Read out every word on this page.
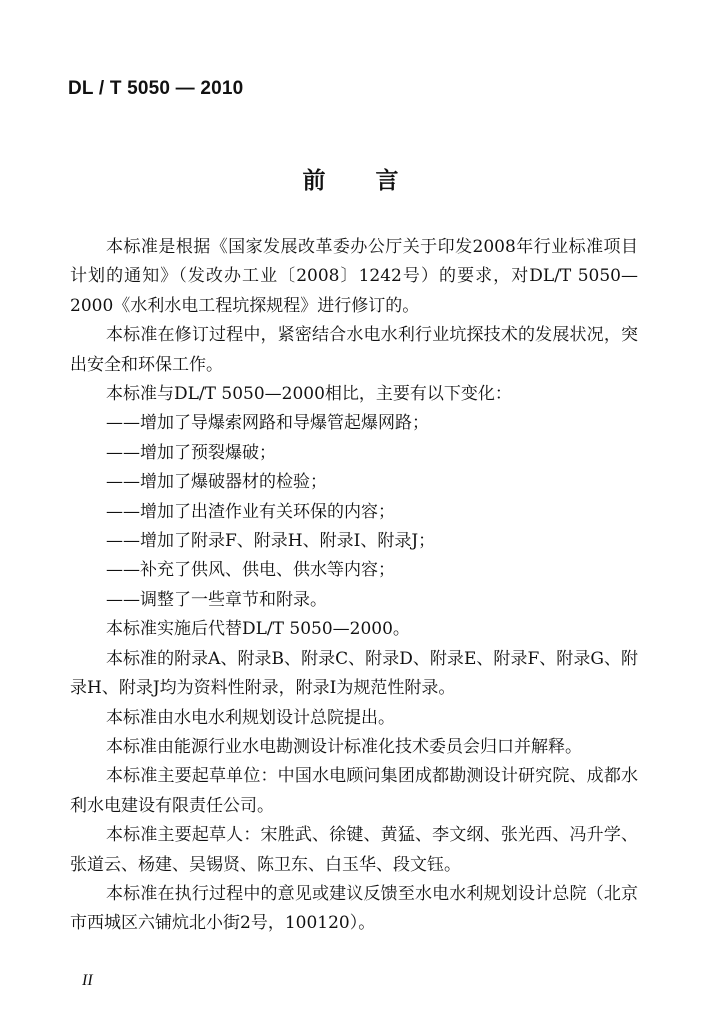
DL / T 5050 — 2010
前言

本标准是根据《国家发展改革委办公厅关于印发2008年行业标准项目计划的通知》（发改办工业〔2008〕1242号）的要求，对DL/T 5050—2000《水利水电工程坑探规程》进行修订的。

本标准在修订过程中，紧密结合水电水利行业坑探技术的发展状况，突出安全和环保工作。

本标准与DL/T 5050—2000相比，主要有以下变化：

——增加了导爆索网路和导爆管起爆网路；

——增加了预裂爆破；

——增加了爆破器材的检验；

——增加了出渣作业有关环保的内容；

——增加了附录F、附录H、附录I、附录J；

——补充了供风、供电、供水等内容；

——调整了一些章节和附录。

本标准实施后代替DL/T 5050—2000。

本标准的附录A、附录B、附录C、附录D、附录E、附录F、附录G、附录H、附录J均为资料性附录，附录I为规范性附录。

本标准由水电水利规划设计总院提出。

本标准由能源行业水电勘测设计标准化技术委员会归口并解释。

本标准主要起草单位：中国水电顾问集团成都勘测设计研究院、成都水利水电建设有限责任公司。

本标准主要起草人：宋胜武、徐键、黄猛、李文纲、张光西、冯升学、张道云、杨建、吴锡贤、陈卫东、白玉华、段文钰。

本标准在执行过程中的意见或建议反馈至水电水利规划设计总院（北京市西城区六铺炕北小街2号，100120）。

II
